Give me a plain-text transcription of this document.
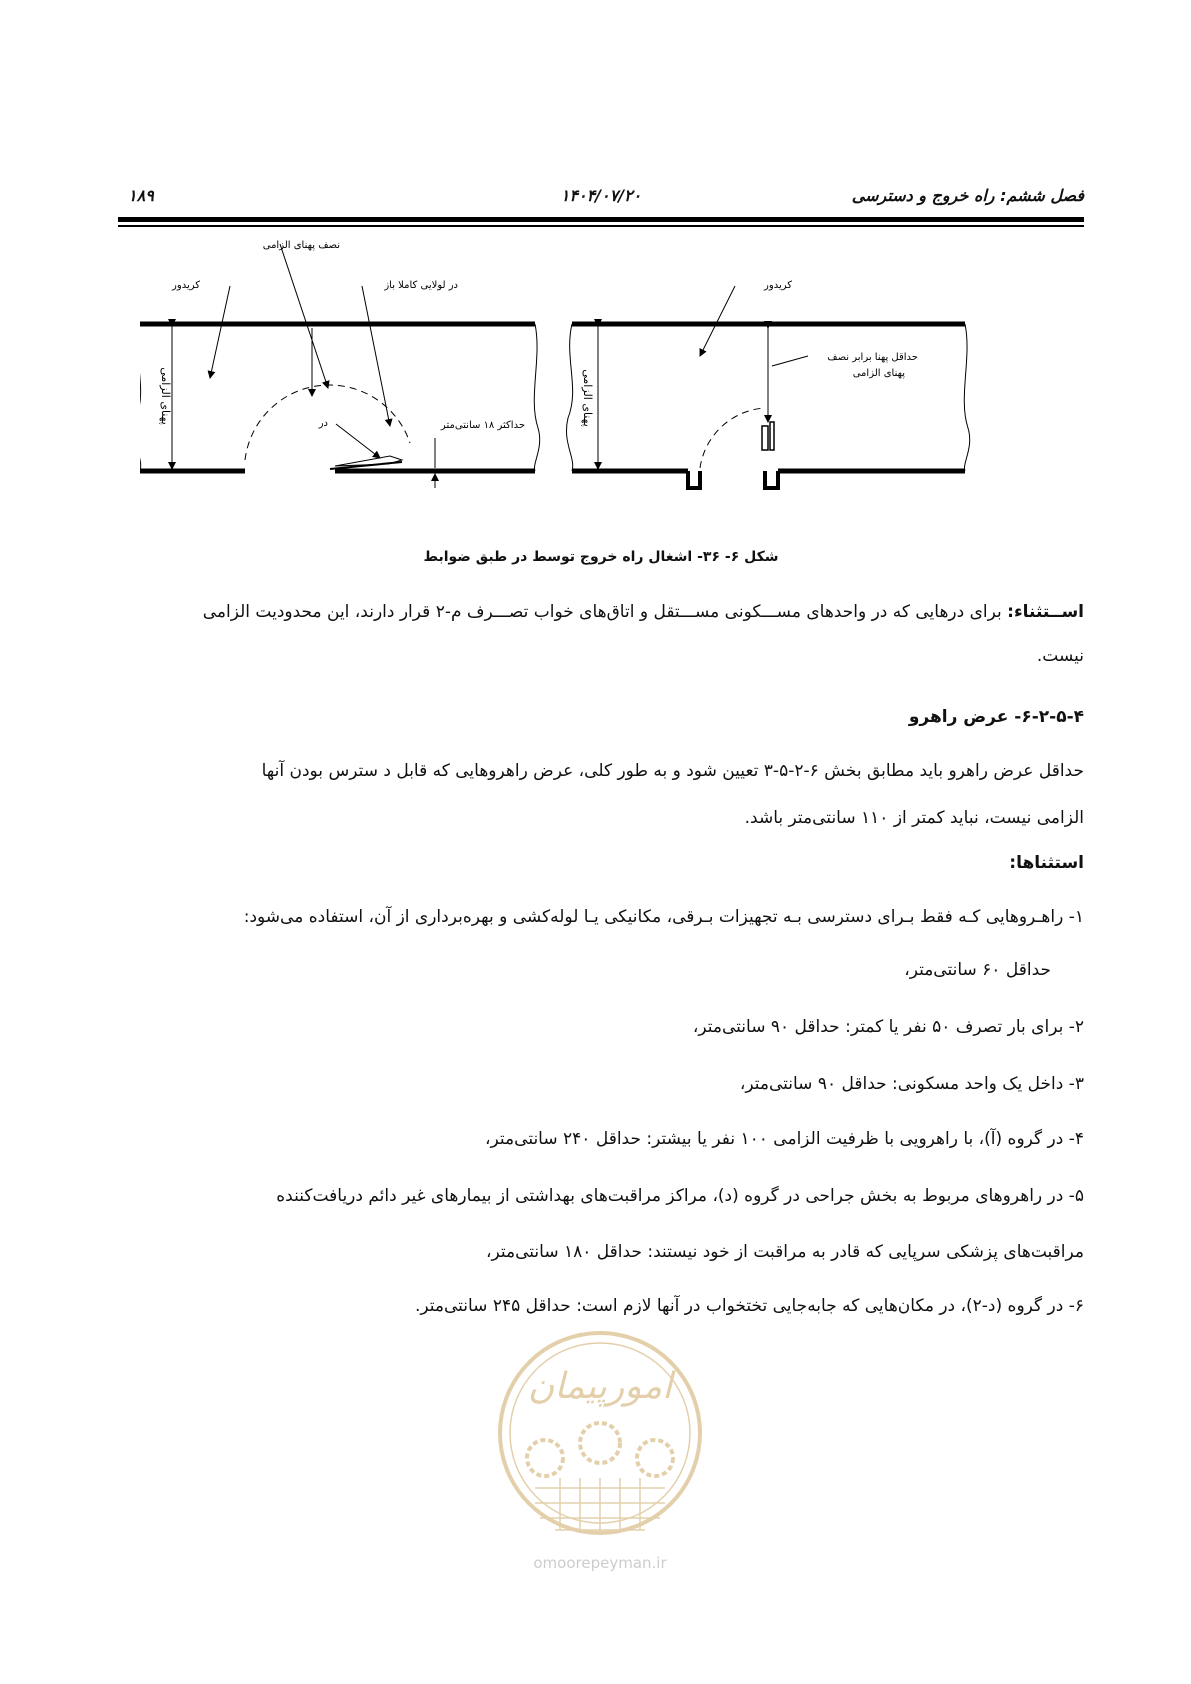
فصل ششم: راه خروج و دسترسی
۱۴۰۴/۰۷/۲۰
۱۸۹
نصف پهنای الزامی
کریدور	در لولایی کاملا باز
در	حداکثر ۱۸ سانتی‌متر
پهنای الزامی
کریدور
حداقل پهنا برابر نصف
پهنای الزامی
پهنای الزامی
شکل ۶- ۳۶- اشغال راه خروج توسط در طبق ضوابط
اســتثناء: برای درهایی که در واحدهای مســـکونی مســـتقل و اتاق‌های خواب تصـــرف م-۲ قرار دارند، این محدودیت الزامی
نیست.
۶-۲-۵-۴- عرض راهرو
حداقل عرض راهرو باید مطابق بخش ۶-۲-۵-۳ تعیین شود و به طور کلی، عرض راهروهایی که قابل د سترس بودن آنها
الزامی نیست، نباید کمتر از ۱۱۰ سانتی‌متر باشد.
استثناها:
۱- راهـروهایی کـه فقط بـرای دسترسی بـه تجهیزات بـرقی، مکانیکی یـا لوله‌کشی و بهره‌برداری از آن، استفاده می‌شود:
حداقل ۶۰ سانتی‌متر،
۲- برای بار تصرف ۵۰ نفر یا کمتر: حداقل ۹۰ سانتی‌متر،
۳- داخل یک واحد مسکونی: حداقل ۹۰ سانتی‌متر،
۴- در گروه (آ)، با راهرویی با ظرفیت الزامی ۱۰۰ نفر یا بیشتر: حداقل ۲۴۰ سانتی‌متر،
۵- در راهروهای مربوط به بخش جراحی در گروه (د)، مراکز مراقبت‌های بهداشتی از بیمارهای غیر دائم دریافت‌کننده
مراقبت‌های پزشکی سرپایی که قادر به مراقبت از خود نیستند: حداقل ۱۸۰ سانتی‌متر،
۶- در گروه (د-۲)، در مکان‌هایی که جابه‌جایی تختخواب در آنها لازم است: حداقل ۲۴۵ سانتی‌متر.
امورپیمان
omoorepeyman.ir
